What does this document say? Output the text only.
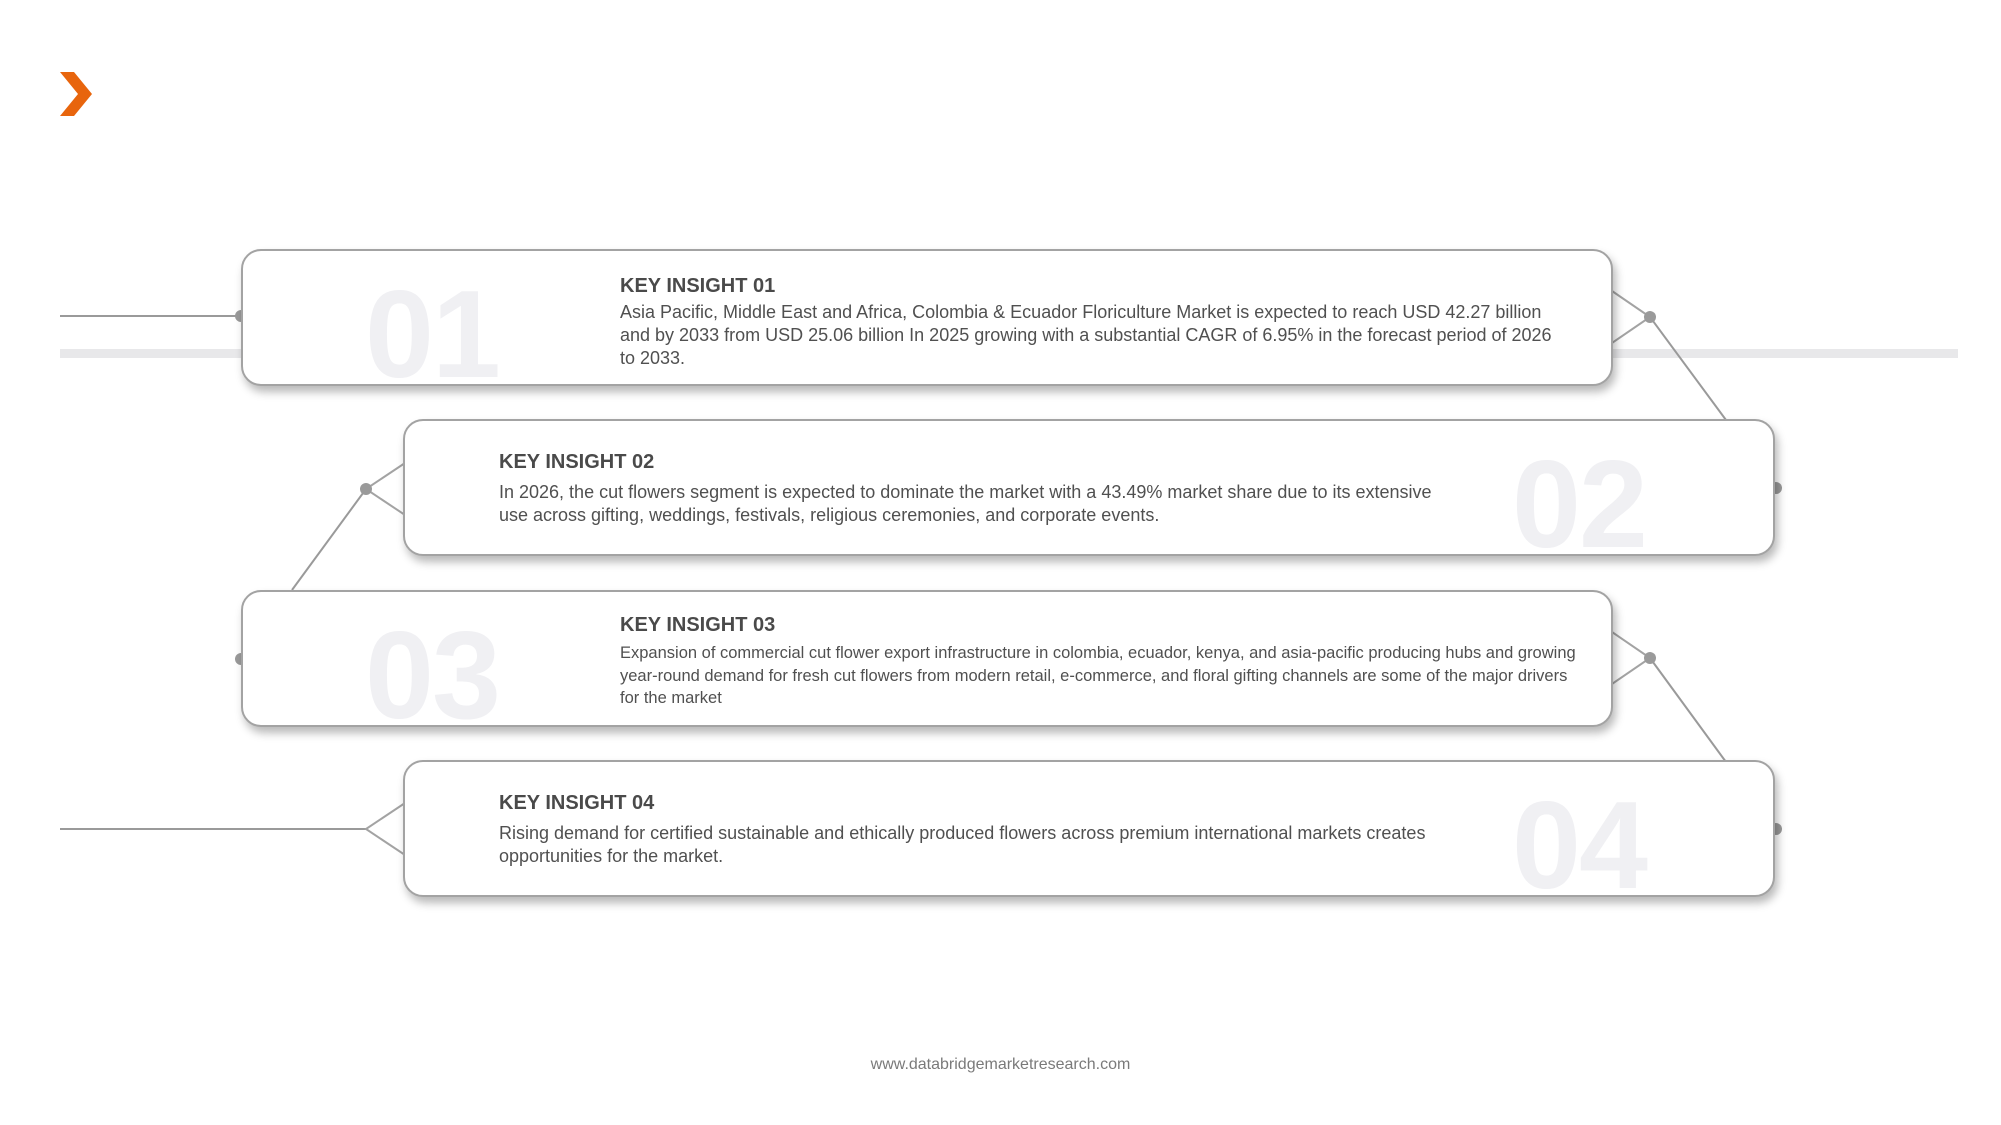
01	KEY INSIGHT 01
Asia Pacific, Middle East and Africa, Colombia & Ecuador Floriculture Market is expected to reach USD 42.27 billion and by 2033 from USD 25.06 billion In 2025 growing with a substantial CAGR of 6.95% in the forecast period of 2026 to 2033.
02
KEY INSIGHT 02
In 2026, the cut flowers segment is expected to dominate the market with a 43.49% market share due to its extensive use across gifting, weddings, festivals, religious ceremonies, and corporate events.
03	KEY INSIGHT 03
Expansion of commercial cut flower export infrastructure in colombia, ecuador, kenya, and asia-pacific producing hubs and growing year-round demand for fresh cut flowers from modern retail, e-commerce, and floral gifting channels are some of the major drivers for the market
04
KEY INSIGHT 04
Rising demand for certified sustainable and ethically produced flowers across premium international markets creates opportunities for the market.
www.databridgemarketresearch.com
